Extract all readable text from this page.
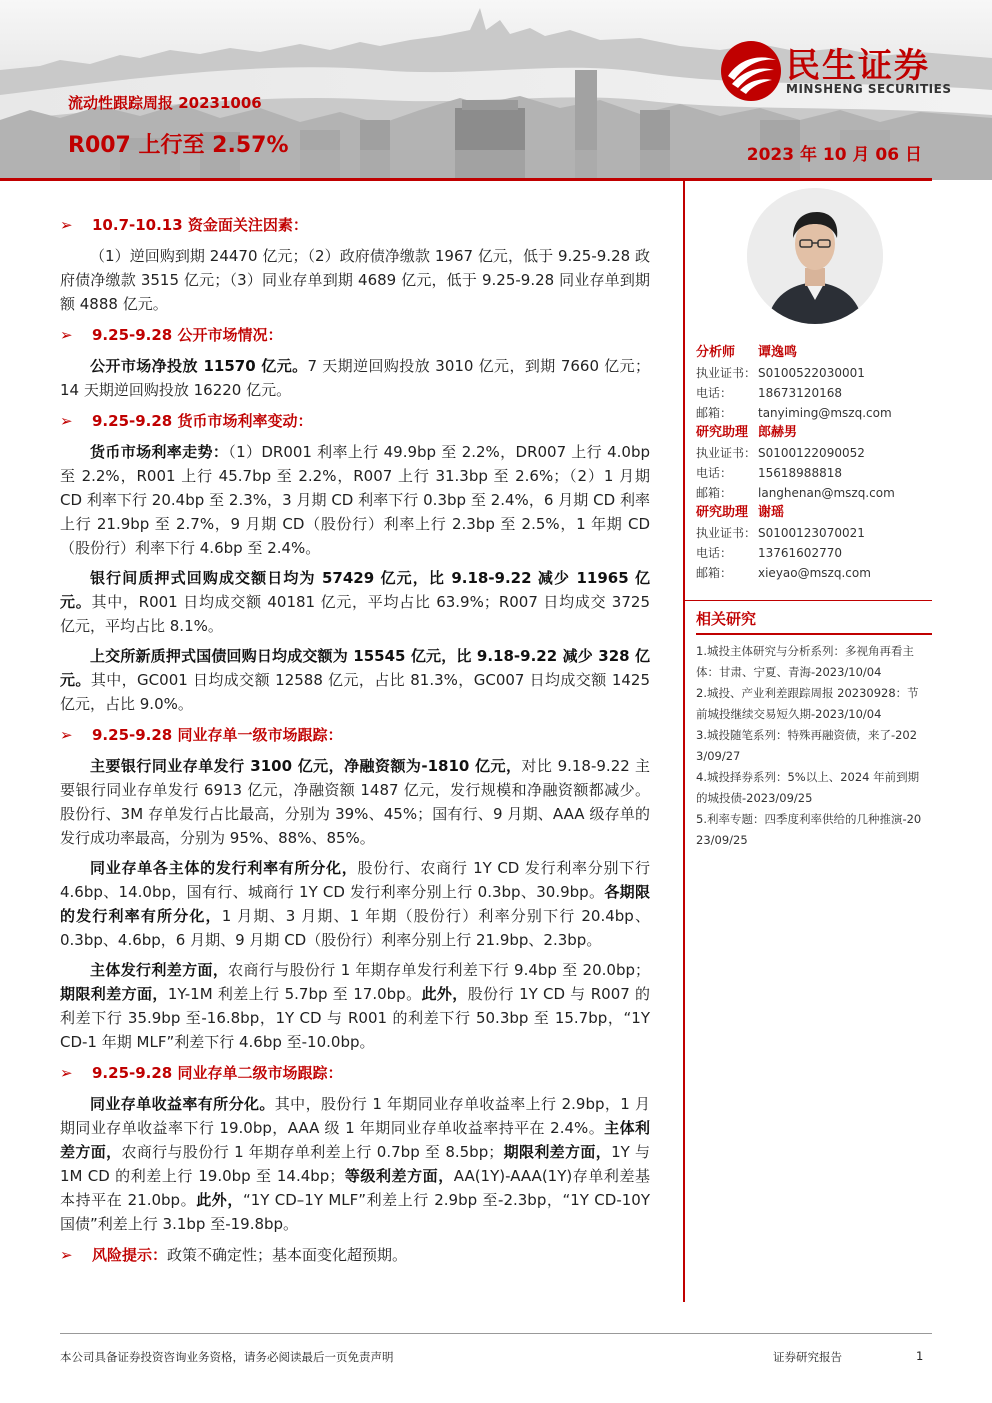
流动性跟踪周报 20231006
R007 上行至 2.57%	2023 年 10 月 06 日
民生证券
MINSHENG SECURITIES
➢	10.7-10.13 资金面关注因素：

（1）逆回购到期 24470 亿元；（2）政府债净缴款 1967 亿元，低于 9.25-9.28 政府债净缴款 3515 亿元；（3）同业存单到期 4689 亿元，低于 9.25-9.28 同业存单到期额 4888 亿元。

➢	9.25-9.28 公开市场情况：

公开市场净投放 11570 亿元。7 天期逆回购投放 3010 亿元，到期 7660 亿元；14 天期逆回购投放 16220 亿元。

➢	9.25-9.28 货币市场利率变动：

货币市场利率走势：（1）DR001 利率上行 49.9bp 至 2.2%，DR007 上行 4.0bp 至 2.2%，R001 上行 45.7bp 至 2.2%，R007 上行 31.3bp 至 2.6%；（2）1 月期 CD 利率下行 20.4bp 至 2.3%，3 月期 CD 利率下行 0.3bp 至 2.4%，6 月期 CD 利率上行 21.9bp 至 2.7%，9 月期 CD（股份行）利率上行 2.3bp 至 2.5%，1 年期 CD（股份行）利率下行 4.6bp 至 2.4%。

银行间质押式回购成交额日均为 57429 亿元，比 9.18-9.22 减少 11965 亿元。其中，R001 日均成交额 40181 亿元，平均占比 63.9%；R007 日均成交 3725 亿元，平均占比 8.1%。

上交所新质押式国债回购日均成交额为 15545 亿元，比 9.18-9.22 减少 328 亿元。其中，GC001 日均成交额 12588 亿元，占比 81.3%，GC007 日均成交额 1425 亿元，占比 9.0%。

➢	9.25-9.28 同业存单一级市场跟踪：

主要银行同业存单发行 3100 亿元，净融资额为-1810 亿元，对比 9.18-9.22 主要银行同业存单发行 6913 亿元，净融资额 1487 亿元，发行规模和净融资额都减少。股份行、3M 存单发行占比最高，分别为 39%、45%；国有行、9 月期、AAA 级存单的发行成功率最高，分别为 95%、88%、85%。

同业存单各主体的发行利率有所分化，股份行、农商行 1Y CD 发行利率分别下行 4.6bp、14.0bp，国有行、城商行 1Y CD 发行利率分别上行 0.3bp、30.9bp。各期限的发行利率有所分化，1 月期、3 月期、1 年期（股份行）利率分别下行 20.4bp、0.3bp、4.6bp，6 月期、9 月期 CD（股份行）利率分别上行 21.9bp、2.3bp。

主体发行利差方面，农商行与股份行 1 年期存单发行利差下行 9.4bp 至 20.0bp；期限利差方面，1Y-1M 利差上行 5.7bp 至 17.0bp。此外，股份行 1Y CD 与 R007 的利差下行 35.9bp 至-16.8bp，1Y CD 与 R001 的利差下行 50.3bp 至 15.7bp，“1Y CD-1 年期 MLF”利差下行 4.6bp 至-10.0bp。

➢	9.25-9.28 同业存单二级市场跟踪：

同业存单收益率有所分化。其中，股份行 1 年期同业存单收益率上行 2.9bp，1 月期同业存单收益率下行 19.0bp，AAA 级 1 年期同业存单收益率持平在 2.4%。主体利差方面，农商行与股份行 1 年期存单利差上行 0.7bp 至 8.5bp；期限利差方面，1Y 与 1M CD 的利差上行 19.0bp 至 14.4bp；等级利差方面，AA(1Y)-AAA(1Y)存单利差基本持平在 21.0bp。此外，“1Y CD–1Y MLF”利差上行 2.9bp 至-2.3bp，“1Y CD-10Y 国债”利差上行 3.1bp 至-19.8bp。

➢	风险提示： 政策不确定性；基本面变化超预期。
分析师	谭逸鸣
执业证书： S0100522030001
电话：	18673120168
邮箱：	tanyiming@mszq.com
研究助理 郎赫男
执业证书： S0100122090052
电话：	15618988818
邮箱：	langhenan@mszq.com
研究助理 谢瑶
执业证书： S0100123070021
电话：	13761602770
邮箱：	xieyao@mszq.com
相关研究
1.城投主体研究与分析系列：多视角再看主
体：甘肃、宁夏、青海-2023/10/04
2.城投、产业利差跟踪周报 20230928：节
前城投继续交易短久期-2023/10/04
3.城投随笔系列：特殊再融资债，来了-202
3/09/27
4.城投择券系列：5%以上、2024 年前到期
的城投债-2023/09/25
5.利率专题：四季度利率供给的几种推演-20
23/09/25
本公司具备证券投资咨询业务资格，请务必阅读最后一页免责声明	证券研究报告	1
